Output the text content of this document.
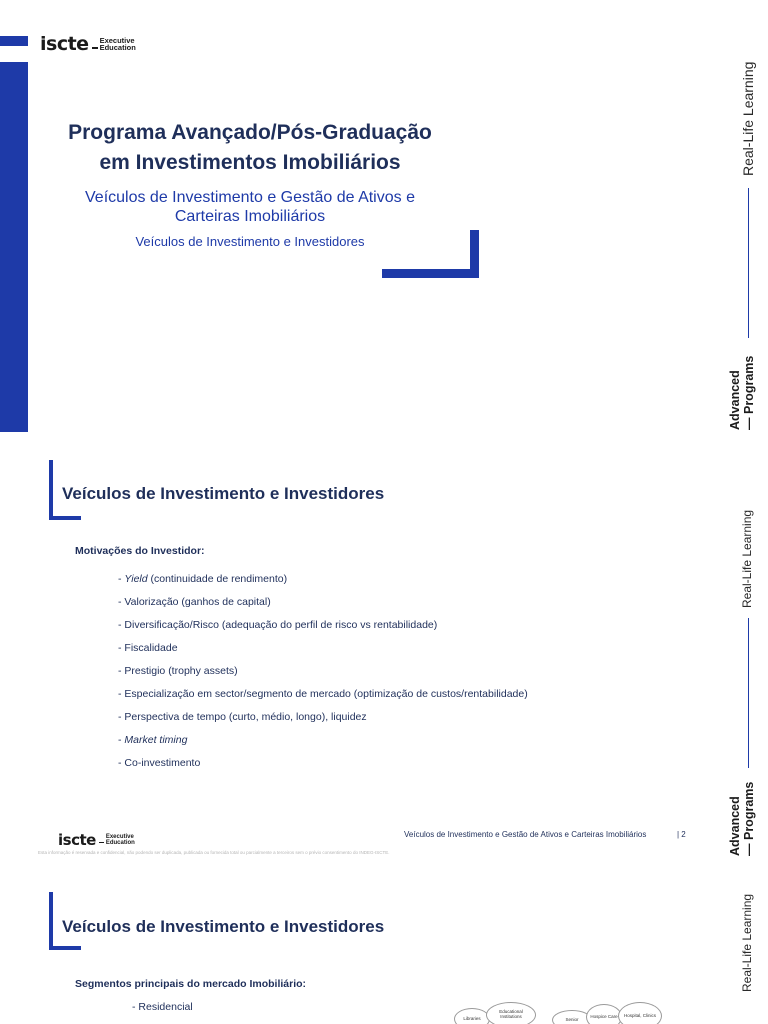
iscte	Executive
Education
Programa Avançado/Pós-Graduação
em Investimentos Imobiliários
Veículos de Investimento e Gestão de Ativos e
Carteiras Imobiliários
Veículos de Investimento e Investidores
Real-Life Learning
Advanced — Programs
Veículos de Investimento e Investidores
Motivações do Investidor:
- Yield (continuidade de rendimento)
- Valorização (ganhos de capital)
- Diversificação/Risco (adequação do perfil de risco vs rentabilidade)
- Fiscalidade
- Prestigio (trophy assets)
- Especialização em sector/segmento de mercado (optimização de custos/rentabilidade)
- Perspectiva de tempo (curto, médio, longo), liquidez
- Market timing
- Co-investimento
iscte	Executive
Education
Veículos de Investimento e Gestão de Ativos e Carteiras Imobiliários	| 2
Esta informação é reservada e confidencial, não podendo ser duplicada, publicada ou fornecida total ou parcialmente a terceiros sem o prévio consentimento do INDEG-ISCTE.
Real-Life Learning
Advanced — Programs
Veículos de Investimento e Investidores
Segmentos principais do mercado Imobiliário:
- Residencial
Libraries
Educational Institutions
Senior
Hospice Care	Hospital, Clinics
Real-Life Learning
